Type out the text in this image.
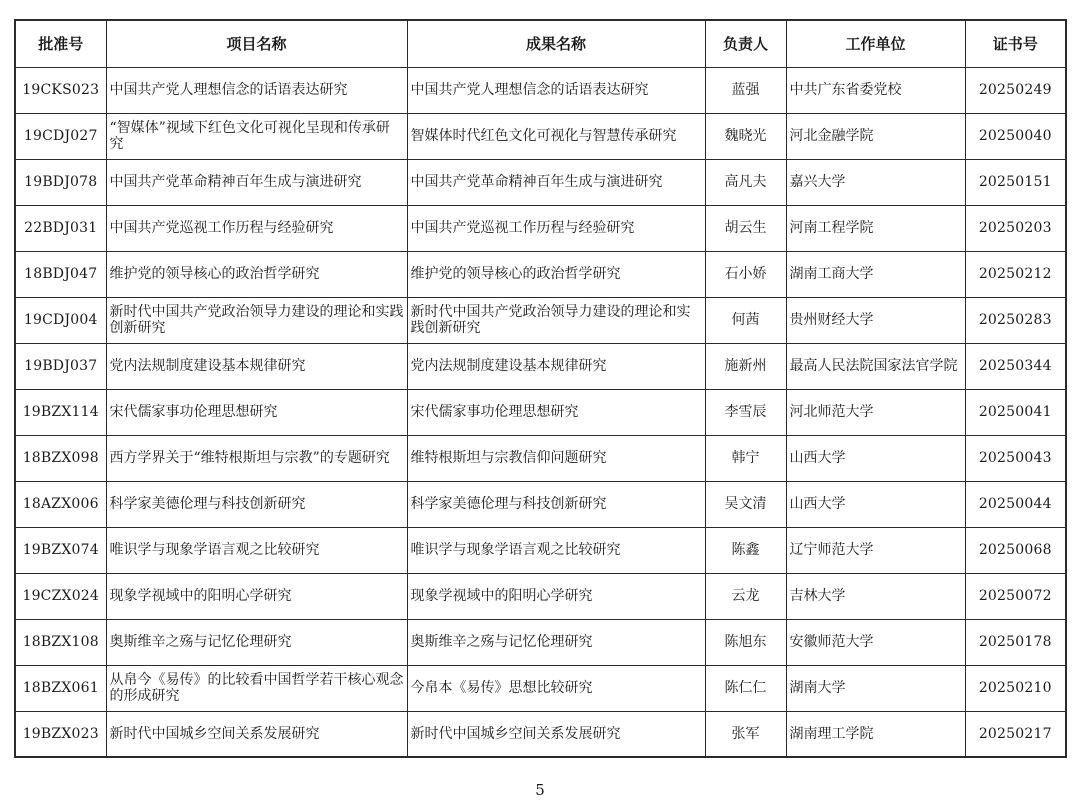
批准号	项目名称	成果名称	负责人	工作单位	证书号
19CKS023	中国共产党人理想信念的话语表达研究	中国共产党人理想信念的话语表达研究	蓝强	中共广东省委党校	20250249
19CDJ027	“智媒体”视域下红色文化可视化呈现和传承研究	智媒体时代红色文化可视化与智慧传承研究	魏晓光	河北金融学院	20250040
19BDJ078	中国共产党革命精神百年生成与演进研究	中国共产党革命精神百年生成与演进研究	高凡夫	嘉兴大学	20250151
22BDJ031	中国共产党巡视工作历程与经验研究	中国共产党巡视工作历程与经验研究	胡云生	河南工程学院	20250203
18BDJ047	维护党的领导核心的政治哲学研究	维护党的领导核心的政治哲学研究	石小娇	湖南工商大学	20250212
19CDJ004	新时代中国共产党政治领导力建设的理论和实践创新研究	新时代中国共产党政治领导力建设的理论和实践创新研究	何茜	贵州财经大学	20250283
19BDJ037	党内法规制度建设基本规律研究	党内法规制度建设基本规律研究	施新州	最高人民法院国家法官学院	20250344
19BZX114	宋代儒家事功伦理思想研究	宋代儒家事功伦理思想研究	李雪辰	河北师范大学	20250041
18BZX098	西方学界关于“维特根斯坦与宗教”的专题研究	维特根斯坦与宗教信仰问题研究	韩宁	山西大学	20250043
18AZX006	科学家美德伦理与科技创新研究	科学家美德伦理与科技创新研究	吴文清	山西大学	20250044
19BZX074	唯识学与现象学语言观之比较研究	唯识学与现象学语言观之比较研究	陈鑫	辽宁师范大学	20250068
19CZX024	现象学视域中的阳明心学研究	现象学视域中的阳明心学研究	云龙	吉林大学	20250072
18BZX108	奥斯维辛之殇与记忆伦理研究	奥斯维辛之殇与记忆伦理研究	陈旭东	安徽师范大学	20250178
18BZX061	从帛今《易传》的比较看中国哲学若干核心观念的形成研究	今帛本《易传》思想比较研究	陈仁仁	湖南大学	20250210
19BZX023	新时代中国城乡空间关系发展研究	新时代中国城乡空间关系发展研究	张军	湖南理工学院	20250217
5
